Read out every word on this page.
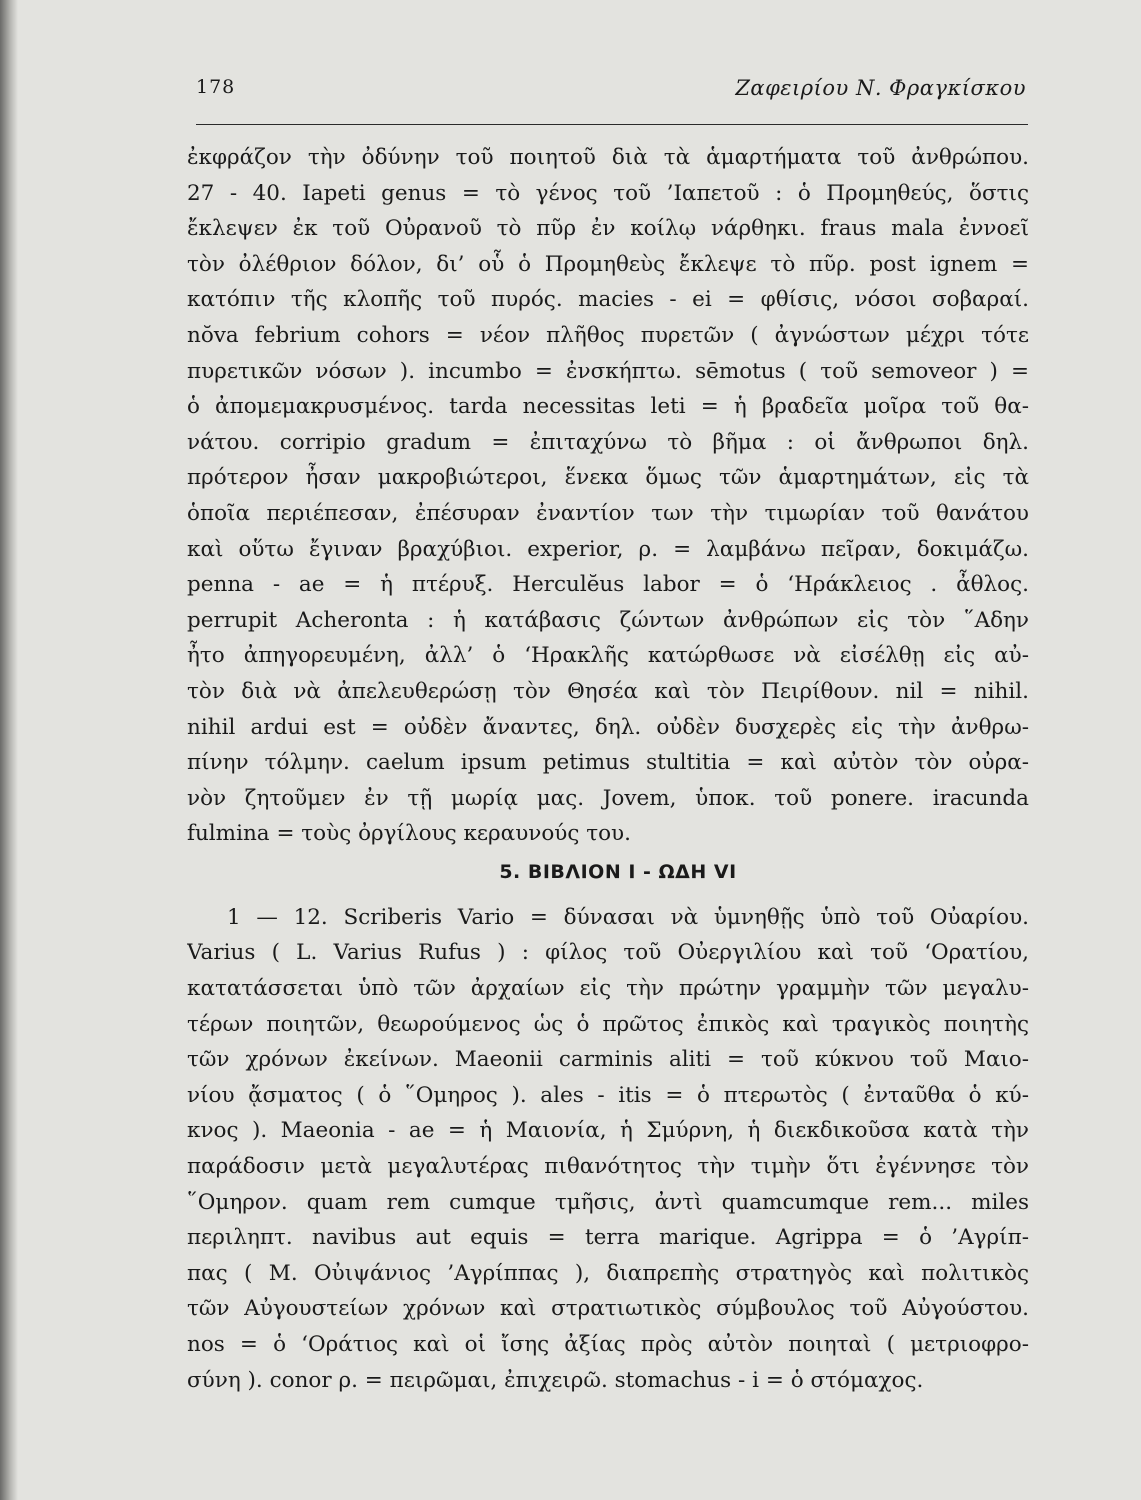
178	Ζαφειρίου Ν. Φραγκίσκου
ἐκφράζον τὴν ὀδύνην τοῦ ποιητοῦ διὰ τὰ ἁμαρτήματα τοῦ ἀνθρώπου.
27 - 40. Iapeti genus = τὸ γένος τοῦ ’Ιαπετοῦ : ὁ Προμηθεύς, ὅστις
ἔκλεψεν ἐκ τοῦ Οὐρανοῦ τὸ πῦρ ἐν κοίλῳ νάρθηκι. fraus mala ἐννοεῖ
τὸν ὀλέθριον δόλον, δι’ οὗ ὁ Προμηθεὺς ἔκλεψε τὸ πῦρ. post ignem =
κατόπιν τῆς κλοπῆς τοῦ πυρός. macies - ei = φθίσις, νόσοι σοβαραί.
nŏva febrium cohors = νέον πλῆθος πυρετῶν ( ἀγνώστων μέχρι τότε
πυρετικῶν νόσων ). incumbo = ἐνσκήπτω. sēmotus ( τοῦ semoveor ) =
ὁ ἀπομεμακρυσμένος. tarda necessitas leti = ἡ βραδεῖα μοῖρα τοῦ θα-
νάτου. corripio gradum = ἐπιταχύνω τὸ βῆμα : οἱ ἄνθρωποι δηλ.
πρότερον ἦσαν μακροβιώτεροι, ἕνεκα ὅμως τῶν ἁμαρτημάτων, εἰς τὰ
ὁποῖα περιέπεσαν, ἐπέσυραν ἐναντίον των τὴν τιμωρίαν τοῦ θανάτου
καὶ οὕτω ἔγιναν βραχύβιοι. experior, ρ. = λαμβάνω πεῖραν, δοκιμάζω.
penna - ae = ἡ πτέρυξ. Herculĕus labor = ὁ ‘Ηράκλειος . ἆθλος.
perrupit Acheronta : ἡ κατάβασις ζώντων ἀνθρώπων εἰς τὸν ῞Αδην
ἦτο ἀπηγορευμένη, ἀλλ’ ὁ ‘Ηρακλῆς κατώρθωσε νὰ εἰσέλθῃ εἰς αὐ-
τὸν διὰ νὰ ἀπελευθερώσῃ τὸν Θησέα καὶ τὸν Πειρίθουν. nil = nihil.
nihil ardui est = οὐδὲν ἄναντες, δηλ. οὐδὲν δυσχερὲς εἰς τὴν ἀνθρω-
πίνην τόλμην. caelum ipsum petimus stultitia = καὶ αὐτὸν τὸν οὐρα-
νὸν ζητοῦμεν ἐν τῇ μωρίᾳ μας. Jovem, ὑποκ. τοῦ ponere. iracunda
fulmina = τοὺς ὀργίλους κεραυνούς του.
5. ΒΙΒΛΙΟΝ Ι - ΩΔΗ VI
1 — 12. Scriberis Vario = δύνασαι νὰ ὑμνηθῇς ὑπὸ τοῦ Οὐαρίου.
Varius ( L. Varius Rufus ) : φίλος τοῦ Οὐεργιλίου καὶ τοῦ ‘Ορατίου,
κατατάσσεται ὑπὸ τῶν ἀρχαίων εἰς τὴν πρώτην γραμμὴν τῶν μεγαλυ-
τέρων ποιητῶν, θεωρούμενος ὡς ὁ πρῶτος ἐπικὸς καὶ τραγικὸς ποιητὴς
τῶν χρόνων ἐκείνων. Maeonii carminis aliti = τοῦ κύκνου τοῦ Μαιο-
νίου ᾄσματος ( ὁ ῞Ομηρος ). ales - itis = ὁ πτερωτὸς ( ἐνταῦθα ὁ κύ-
κνος ). Maeonia - ae = ἡ Μαιονία, ἡ Σμύρνη, ἡ διεκδικοῦσα κατὰ τὴν
παράδοσιν μετὰ μεγαλυτέρας πιθανότητος τὴν τιμὴν ὅτι ἐγέννησε τὸν
῞Ομηρον. quam rem cumque τμῆσις, ἀντὶ quamcumque rem... miles
περιληπτ. navibus aut equis = terra marique. Agrippa = ὁ ’Αγρίπ-
πας ( M. Οὐιψάνιος ’Αγρίππας ), διαπρεπὴς στρατηγὸς καὶ πολιτικὸς
τῶν Αὐγουστείων χρόνων καὶ στρατιωτικὸς σύμβουλος τοῦ Αὐγούστου.
nos = ὁ ‘Οράτιος καὶ οἱ ἴσης ἀξίας πρὸς αὐτὸν ποιηταὶ ( μετριοφρο-
σύνη ). conor ρ. = πειρῶμαι, ἐπιχειρῶ. stomachus - i = ὁ στόμαχος.
